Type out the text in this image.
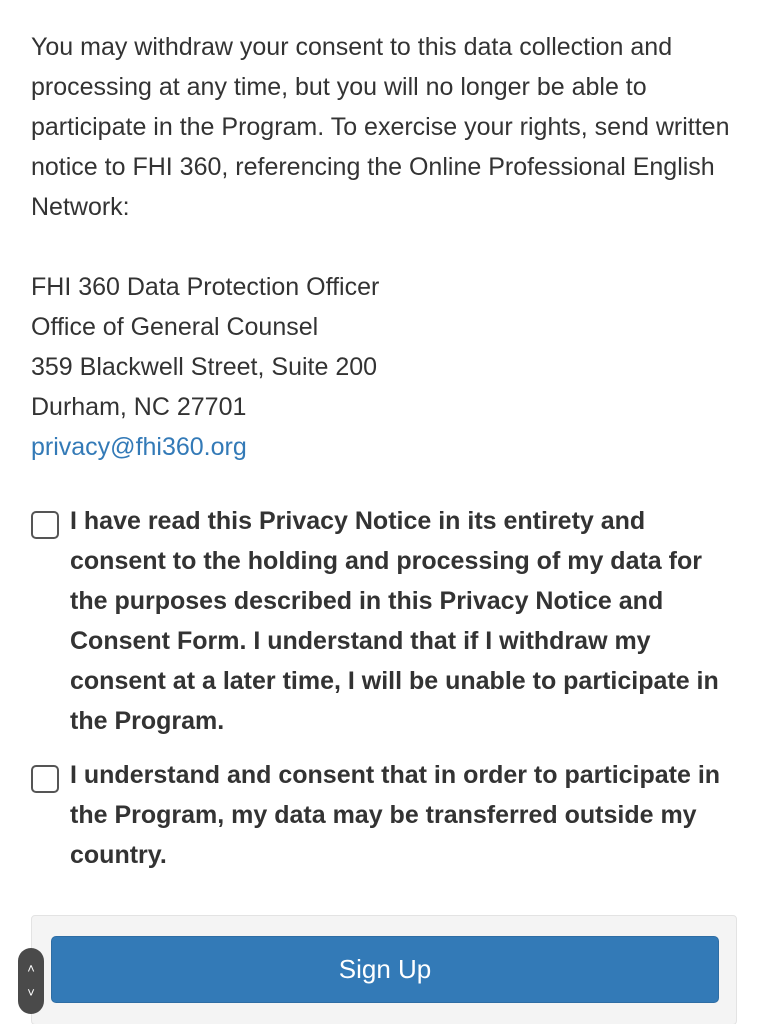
You may withdraw your consent to this data collection and processing at any time, but you will no longer be able to participate in the Program. To exercise your rights, send written notice to FHI 360, referencing the Online Professional English Network:

FHI 360 Data Protection Officer
Office of General Counsel
359 Blackwell Street, Suite 200
Durham, NC 27701
privacy@fhi360.org
I have read this Privacy Notice in its entirety and consent to the holding and processing of my data for the purposes described in this Privacy Notice and Consent Form. I understand that if I withdraw my consent at a later time, I will be unable to participate in the Program.
I understand and consent that in order to participate in the Program, my data may be transferred outside my country.
Sign Up
˄
˅
